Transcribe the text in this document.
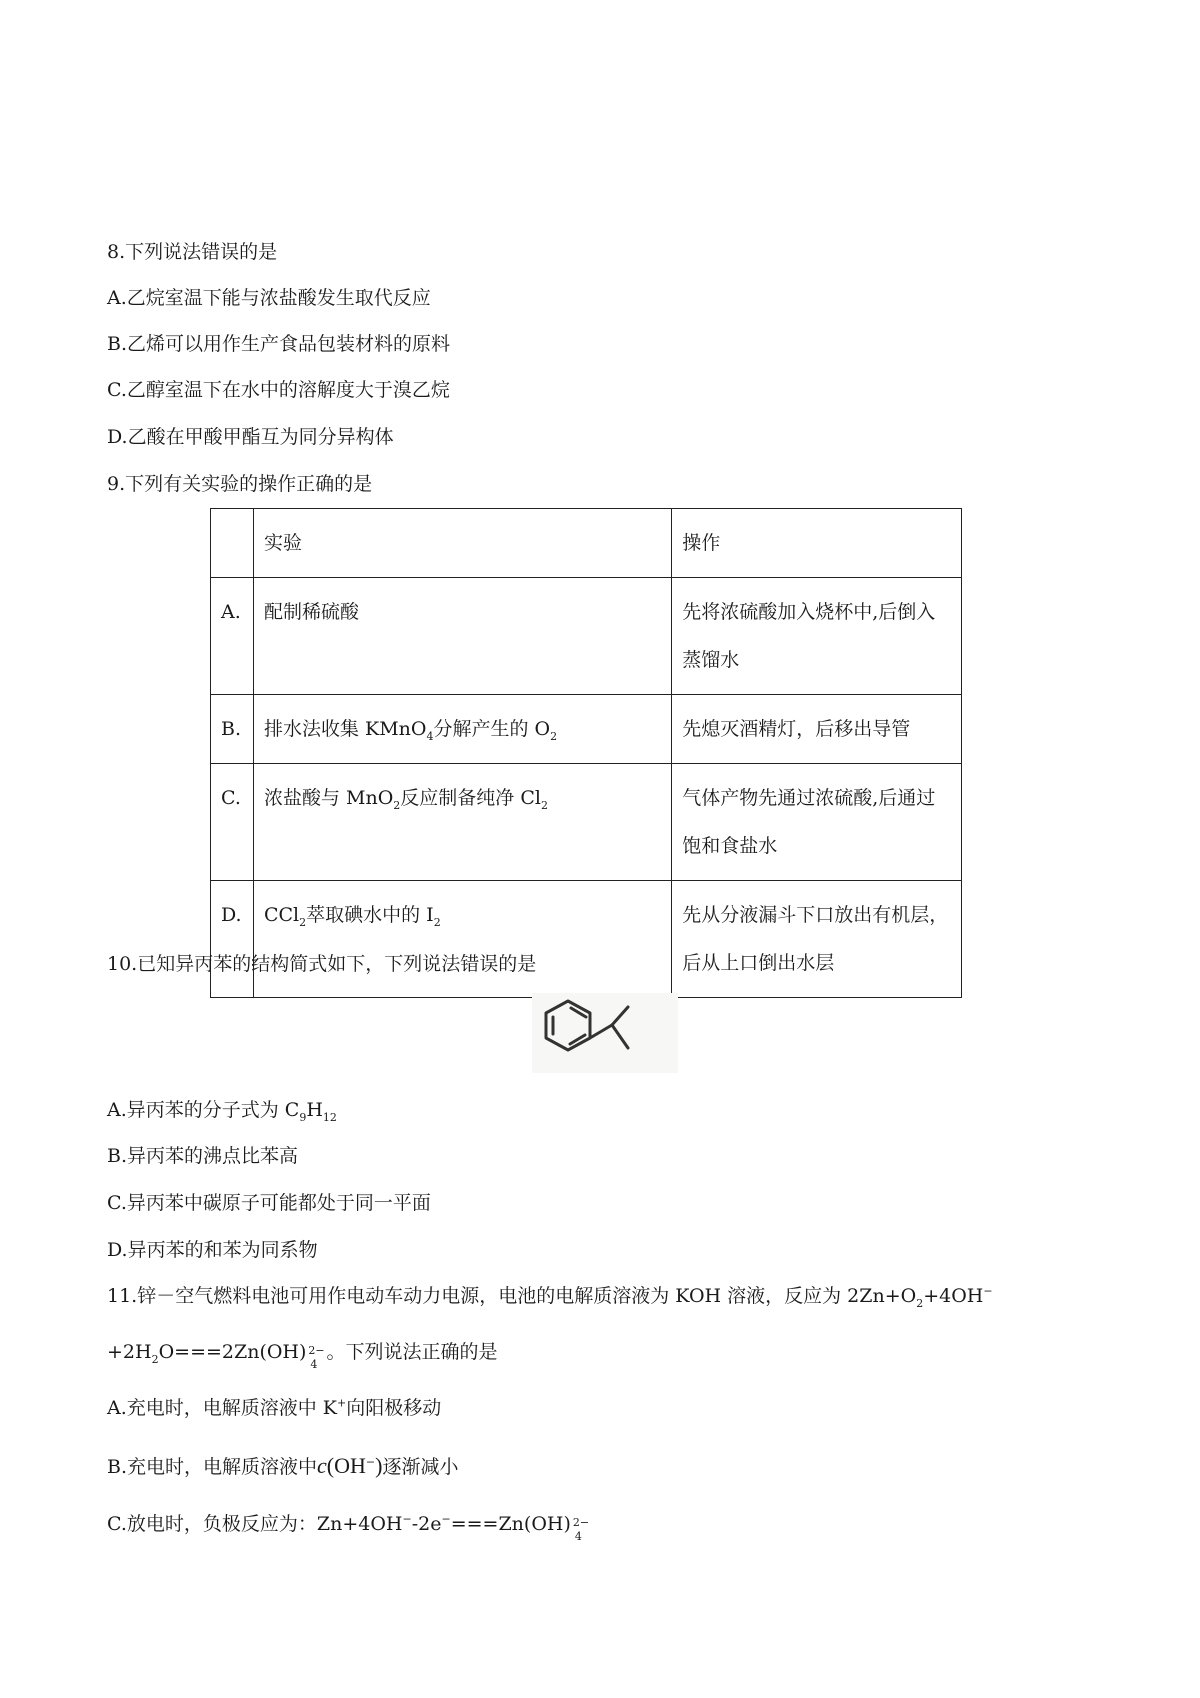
8.下列说法错误的是
A.乙烷室温下能与浓盐酸发生取代反应
B.乙烯可以用作生产食品包装材料的原料
C.乙醇室温下在水中的溶解度大于溴乙烷
D.乙酸在甲酸甲酯互为同分异构体
9.下列有关实验的操作正确的是
	实验	操作
A.	配制稀硫酸	先将浓硫酸加入烧杯中,后倒入蒸馏水
B.	排水法收集 KMnO$_4$分解产生的 $O_2$	先熄灭酒精灯，后移出导管
C.	浓盐酸与 MnO$_2$反应制备纯净 $Cl_2$	气体产物先通过浓硫酸,后通过饱和食盐水
D.	CCl$_2$萃取碘水中的 $I_2$	先从分液漏斗下口放出有机层，后从上口倒出水层
10.已知异丙苯的结构简式如下，下列说法错误的是
A.异丙苯的分子式为 $C_9H_{12}$
B.异丙苯的沸点比苯高
C.异丙苯中碳原子可能都处于同一平面
D.异丙苯的和苯为同系物
11.锌－空气燃料电池可用作电动车动力电源，电池的电解质溶液为 KOH 溶液，反应为 $2Zn+O_2+4OH^-$
$+2H_2O===2Zn(OH)$ 2−
4
。下列说法正确的是
A.充电时，电解质溶液中 K+向阳极移动
B.充电时，电解质溶液中c(OH−)逐渐减小
C.放电时，负极反应为：Zn+4OH−-2e−===Zn(OH) 2−
4
